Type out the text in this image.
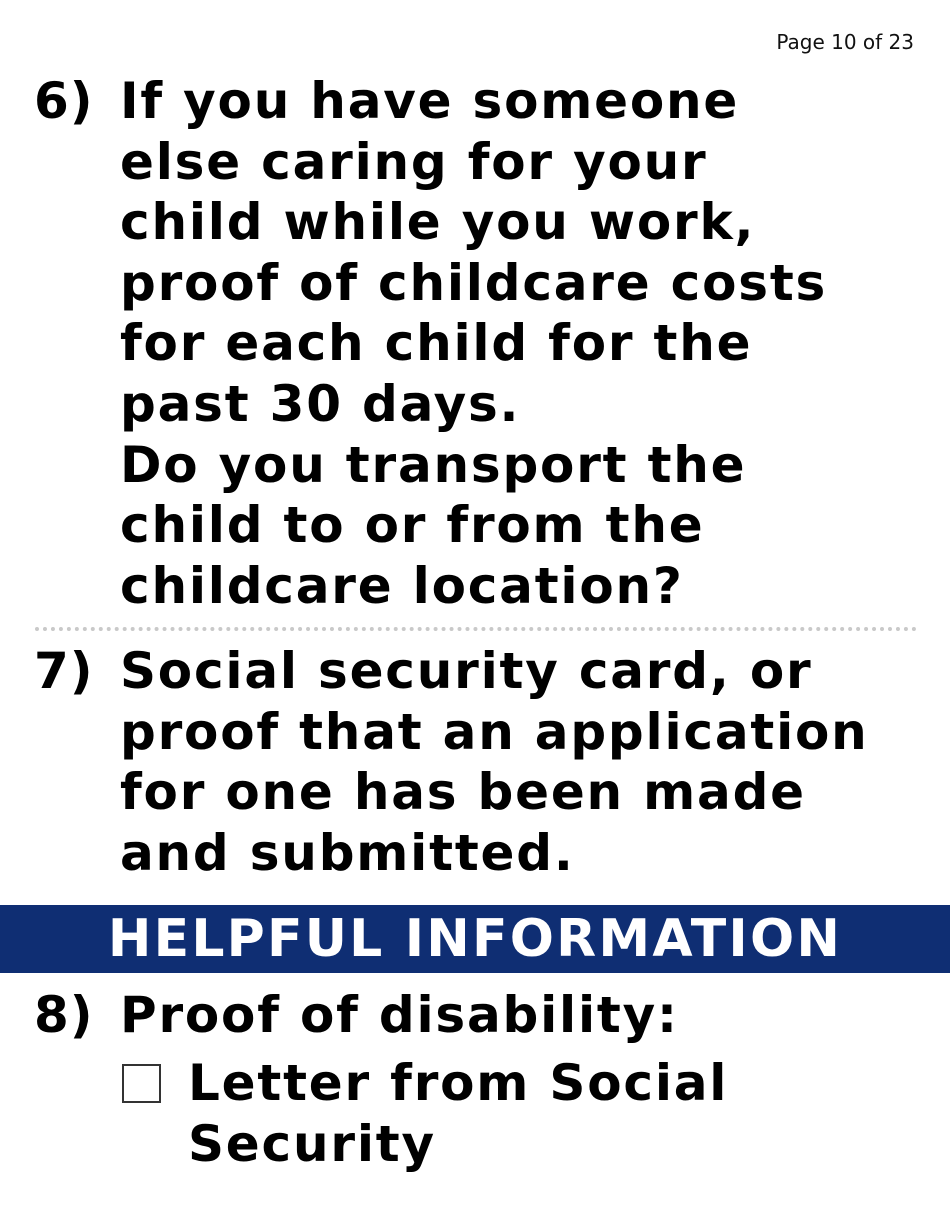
Page 10 of 23
6) If you have someone
else caring for your
child while you work,
proof of childcare costs
for each child for the
past 30 days.
Do you transport the
child to or from the
childcare location?
7) Social security card, or
proof that an application
for one has been made
and submitted.
HELPFUL INFORMATION
8) Proof of disability:
Letter from Social
Security
